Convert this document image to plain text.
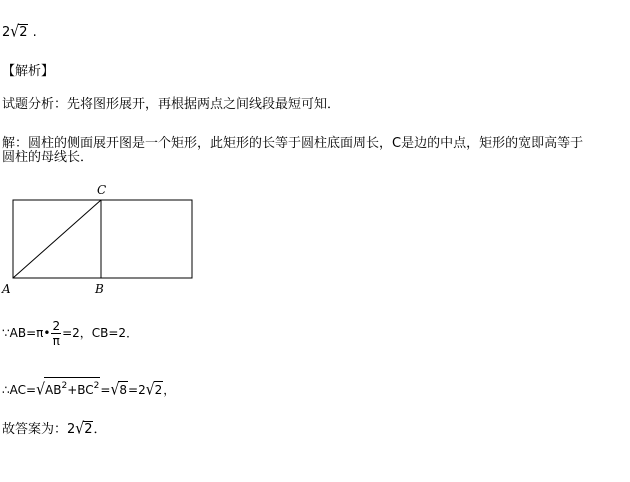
2√2 .
【解析】
试题分析：先将图形展开，再根据两点之间线段最短可知．
解：圆柱的侧面展开图是一个矩形，此矩形的长等于圆柱底面周长，C是边的中点，矩形的宽即高等于
圆柱的母线长．
C
A	B
∵AB=π• $\frac{2}{\pi} =2$，CB=2．
$\therefore AC=√AB^2+BC^2=√8=2√2$，
故答案为：2√2．
